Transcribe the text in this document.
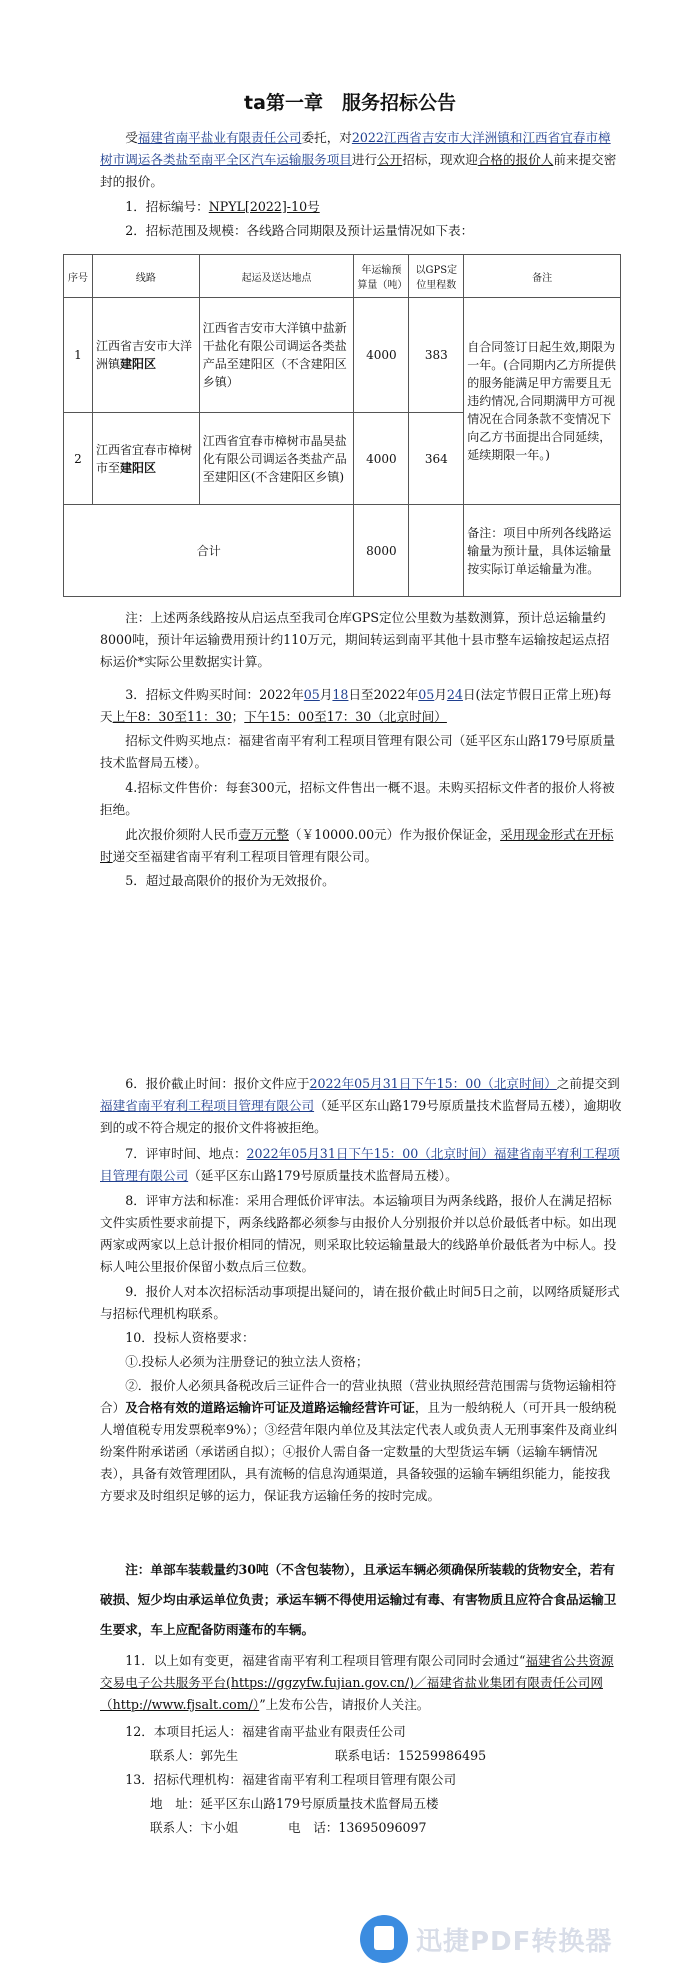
ta第一章　服务招标公告

受福建省南平盐业有限责任公司委托，对2022江西省吉安市大洋洲镇和江西省宜春市樟树市调运各类盐至南平全区汽车运输服务项目进行公开招标，现欢迎合格的报价人前来提交密封的报价。

1．招标编号：NPYL[2022]-10号

2．招标范围及规模：各线路合同期限及预计运量情况如下表：

序号	线路	起运及送达地点	年运输预算量（吨）	以GPS定位里程数	备注
1	江西省吉安市大洋洲镇建阳区	江西省吉安市大洋镇中盐新干盐化有限公司调运各类盐产品至建阳区（不含建阳区乡镇）	4000	383	自合同签订日起生效,期限为一年。(合同期内乙方所提供的服务能满足甲方需要且无违约情况,合同期满甲方可视情况在合同条款不变情况下向乙方书面提出合同延续，延续期限一年。)
2	江西省宜春市樟树市至建阳区	江西省宜春市樟树市晶昊盐化有限公司调运各类盐产品至建阳区(不含建阳区乡镇)	4000	364	
合计			8000		备注：项目中所列各线路运输量为预计量，具体运输量按实际订单运输量为准。

注：上述两条线路按从启运点至我司仓库GPS定位公里数为基数测算，预计总运输量约8000吨，预计年运输费用预计约110万元，期间转运到南平其他十县市整车运输按起运点招标运价*实际公里数据实计算。

3．招标文件购买时间：2022年05月18日至2022年05月24日(法定节假日正常上班)每天上午8：30至11：30；下午15：00至17：30（北京时间）

招标文件购买地点：福建省南平宥利工程项目管理有限公司（延平区东山路179号原质量技术监督局五楼）。

4.招标文件售价：每套300元，招标文件售出一概不退。未购买招标文件者的报价人将被拒绝。

此次报价须附人民币壹万元整（￥10000.00元）作为报价保证金，采用现金形式在开标时递交至福建省南平宥利工程项目管理有限公司。

5．超过最高限价的报价为无效报价。

6．报价截止时间：报价文件应于2022年05月31日下午15：00（北京时间）之前提交到福建省南平宥利工程项目管理有限公司（延平区东山路179号原质量技术监督局五楼），逾期收到的或不符合规定的报价文件将被拒绝。

7．评审时间、地点：2022年05月31日下午15：00（北京时间）福建省南平宥利工程项目管理有限公司（延平区东山路179号原质量技术监督局五楼）。

8．评审方法和标准：采用合理低价评审法。本运输项目为两条线路，报价人在满足招标文件实质性要求前提下，两条线路都必须参与由报价人分别报价并以总价最低者中标。如出现两家或两家以上总计报价相同的情况，则采取比较运输量最大的线路单价最低者为中标人。投标人吨公里报价保留小数点后三位数。

9．报价人对本次招标活动事项提出疑问的，请在报价截止时间5日之前，以网络质疑形式与招标代理机构联系。

10．投标人资格要求：

①.投标人必须为注册登记的独立法人资格；

②．报价人必须具备税改后三证件合一的营业执照（营业执照经营范围需与货物运输相符合）及合格有效的道路运输许可证及道路运输经营许可证，且为一般纳税人（可开具一般纳税人增值税专用发票税率9%）；③经营年限内单位及其法定代表人或负责人无刑事案件及商业纠纷案件附承诺函（承诺函自拟）；④报价人需自备一定数量的大型货运车辆（运输车辆情况表），具备有效管理团队，具有流畅的信息沟通渠道，具备较强的运输车辆组织能力，能按我方要求及时组织足够的运力，保证我方运输任务的按时完成。

注：单部车装载量约30吨（不含包装物），且承运车辆必须确保所装载的货物安全，若有破损、短少均由承运单位负责；承运车辆不得使用运输过有毒、有害物质且应符合食品运输卫生要求，车上应配备防雨蓬布的车辆。

11．以上如有变更，福建省南平宥利工程项目管理有限公司同时会通过“福建省公共资源交易电子公共服务平台(https://ggzyfw.fujian.gov.cn/)／福建省盐业集团有限责任公司网（http://www.fjsalt.com/）”上发布公告，请报价人关注。

12．本项目托运人：福建省南平盐业有限责任公司

联系人：郭先生	联系电话：15259986495

13．招标代理机构：福建省南平宥利工程项目管理有限公司

地　址：延平区东山路179号原质量技术监督局五楼

联系人：卞小姐	电　话：13695096097

迅捷PDF转换器
